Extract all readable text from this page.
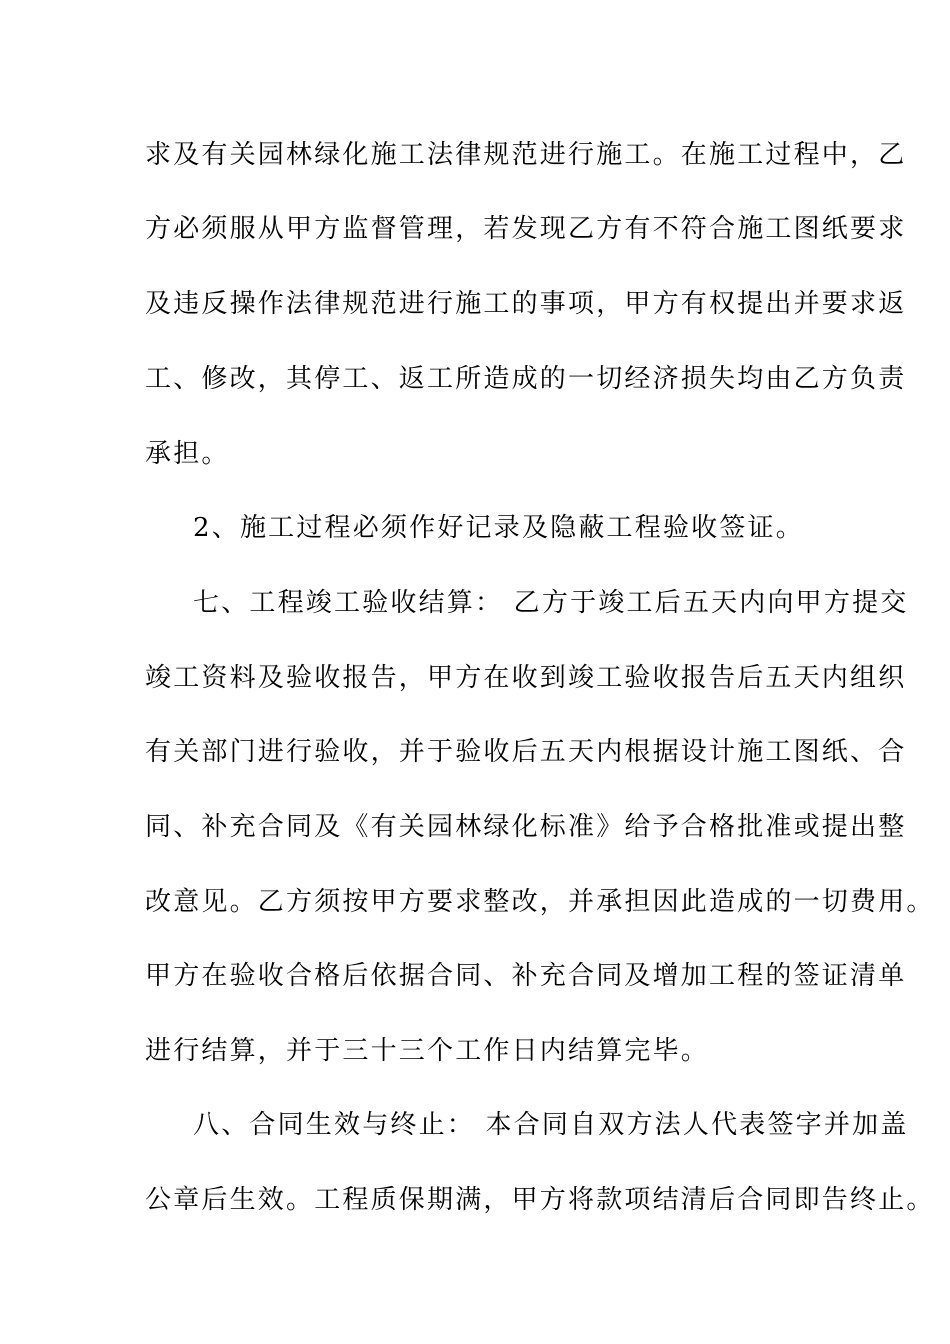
求及有关园林绿化施工法律规范进行施工。在施工过程中，乙
方必须服从甲方监督管理，若发现乙方有不符合施工图纸要求
及违反操作法律规范进行施工的事项，甲方有权提出并要求返
工、修改，其停工、返工所造成的一切经济损失均由乙方负责
承担。
2、施工过程必须作好记录及隐蔽工程验收签证。
七、工程竣工验收结算： 乙方于竣工后五天内向甲方提交
竣工资料及验收报告，甲方在收到竣工验收报告后五天内组织
有关部门进行验收，并于验收后五天内根据设计施工图纸、合
同、补充合同及《有关园林绿化标准》给予合格批准或提出整
改意见。乙方须按甲方要求整改，并承担因此造成的一切费用。
甲方在验收合格后依据合同、补充合同及增加工程的签证清单
进行结算，并于三十三个工作日内结算完毕。
八、合同生效与终止： 本合同自双方法人代表签字并加盖
公章后生效。工程质保期满，甲方将款项结清后合同即告终止。
